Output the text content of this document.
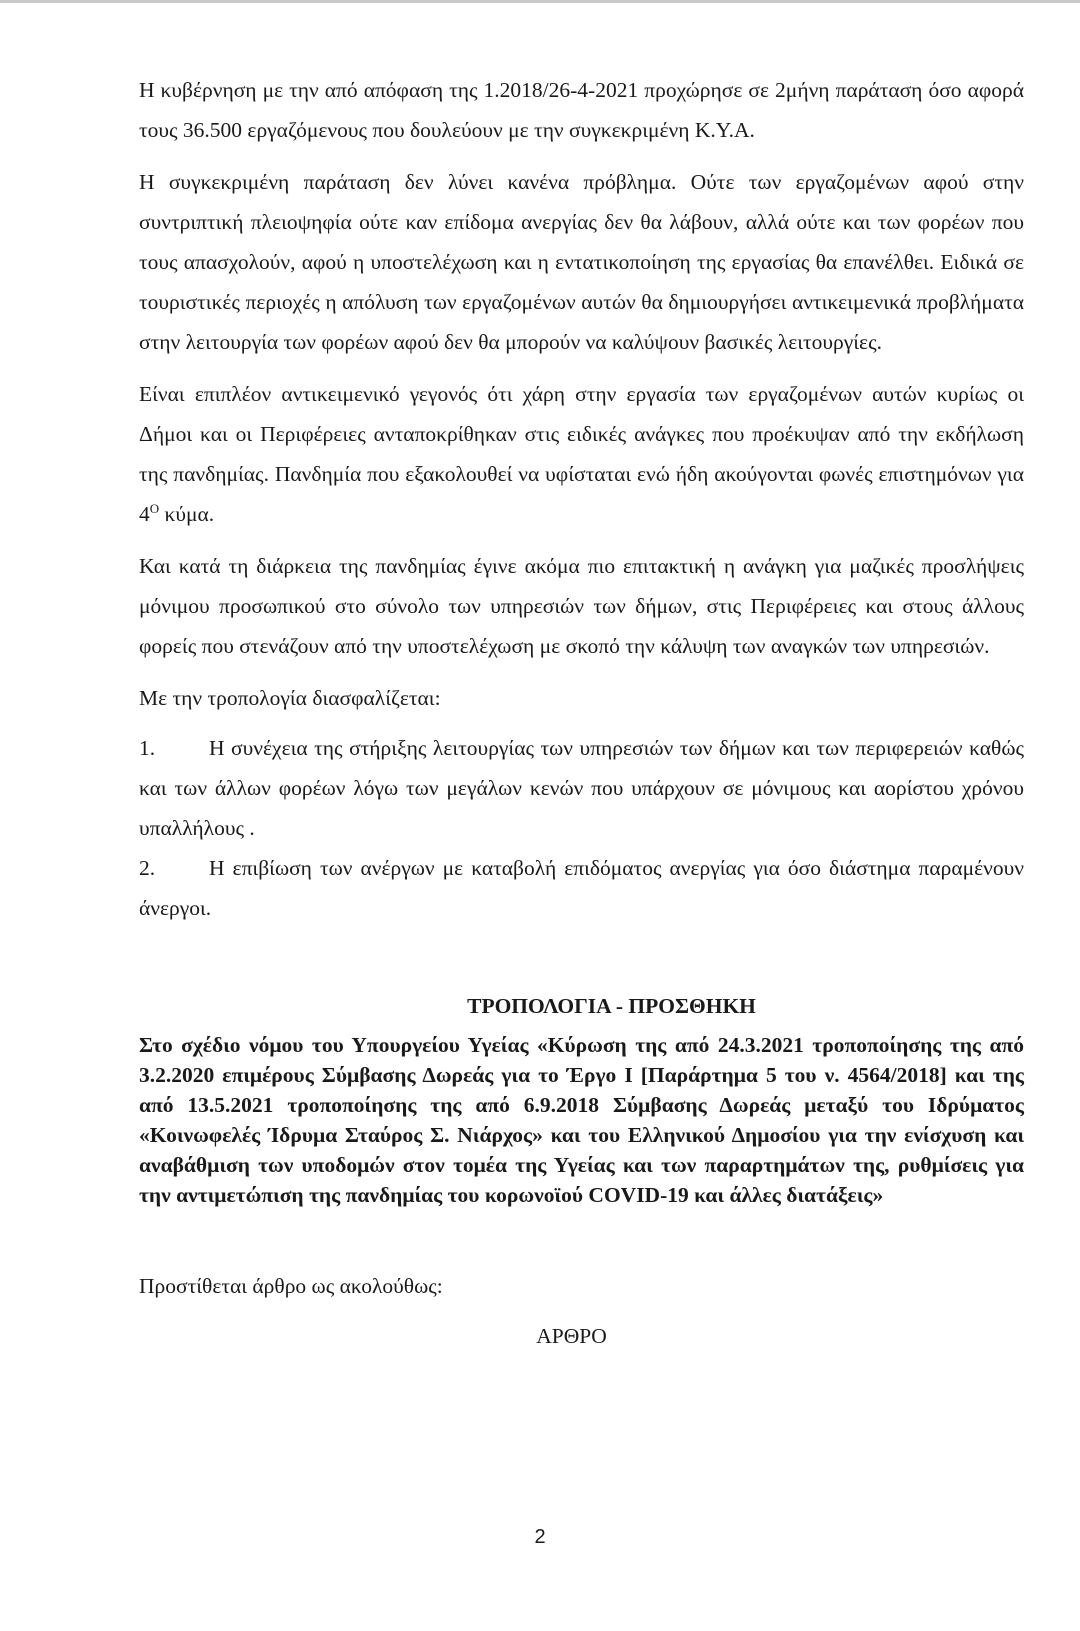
Η κυβέρνηση με την από απόφαση της 1.2018/26-4-2021 προχώρησε σε 2μήνη παράταση όσο αφορά τους 36.500 εργαζόμενους που δουλεύουν με την συγκεκριμένη Κ.Υ.Α.

Η συγκεκριμένη παράταση δεν λύνει κανένα πρόβλημα. Ούτε των εργαζομένων αφού στην συντριπτική πλειοψηφία ούτε καν επίδομα ανεργίας δεν θα λάβουν, αλλά ούτε και των φορέων που τους απασχολούν, αφού η υποστελέχωση και η εντατικοποίηση της εργασίας θα επανέλθει. Ειδικά σε τουριστικές περιοχές η απόλυση των εργαζομένων αυτών θα δημιουργήσει αντικειμενικά προβλήματα στην λειτουργία των φορέων αφού δεν θα μπορούν να καλύψουν βασικές λειτουργίες.

Είναι επιπλέον αντικειμενικό γεγονός ότι χάρη στην εργασία των εργαζομένων αυτών κυρίως οι Δήμοι και οι Περιφέρειες ανταποκρίθηκαν στις ειδικές ανάγκες που προέκυψαν από την εκδήλωση της πανδημίας. Πανδημία που εξακολουθεί να υφίσταται ενώ ήδη ακούγονται φωνές επιστημόνων για $4^O$ κύμα.

Και κατά τη διάρκεια της πανδημίας έγινε ακόμα πιο επιτακτική η ανάγκη για μαζικές προσλήψεις μόνιμου προσωπικού στο σύνολο των υπηρεσιών των δήμων, στις Περιφέρειες και στους άλλους φορείς που στενάζουν από την υποστελέχωση με σκοπό την κάλυψη των αναγκών των υπηρεσιών.

Με την τροπολογία διασφαλίζεται:

1.	Η συνέχεια της στήριξης λειτουργίας των υπηρεσιών των δήμων και των περιφερειών καθώς και των άλλων φορέων λόγω των μεγάλων κενών που υπάρχουν σε μόνιμους και αορίστου χρόνου υπαλλήλους .

2.	Η επιβίωση των ανέργων με καταβολή επιδόματος ανεργίας για όσο διάστημα παραμένουν άνεργοι.

ΤΡΟΠΟΛΟΓΙΑ - ΠΡΟΣΘΗΚΗ

Στο σχέδιο νόμου του Υπουργείου Υγείας «Κύρωση της από 24.3.2021 τροποποίησης της από 3.2.2020 επιμέρους Σύμβασης Δωρεάς για το Έργο Ι [Παράρτημα 5 του ν. 4564/2018] και της από 13.5.2021 τροποποίησης της από 6.9.2018 Σύμβασης Δωρεάς μεταξύ του Ιδρύματος «Κοινωφελές Ίδρυμα Σταύρος Σ. Νιάρχος» και του Ελληνικού Δημοσίου για την ενίσχυση και αναβάθμιση των υποδομών στον τομέα της Υγείας και των παραρτημάτων της, ρυθμίσεις για την αντιμετώπιση της πανδημίας του κορωνοϊού COVID-19 και άλλες διατάξεις»

Προστίθεται άρθρο ως ακολούθως:

ΑΡΘΡΟ

2
